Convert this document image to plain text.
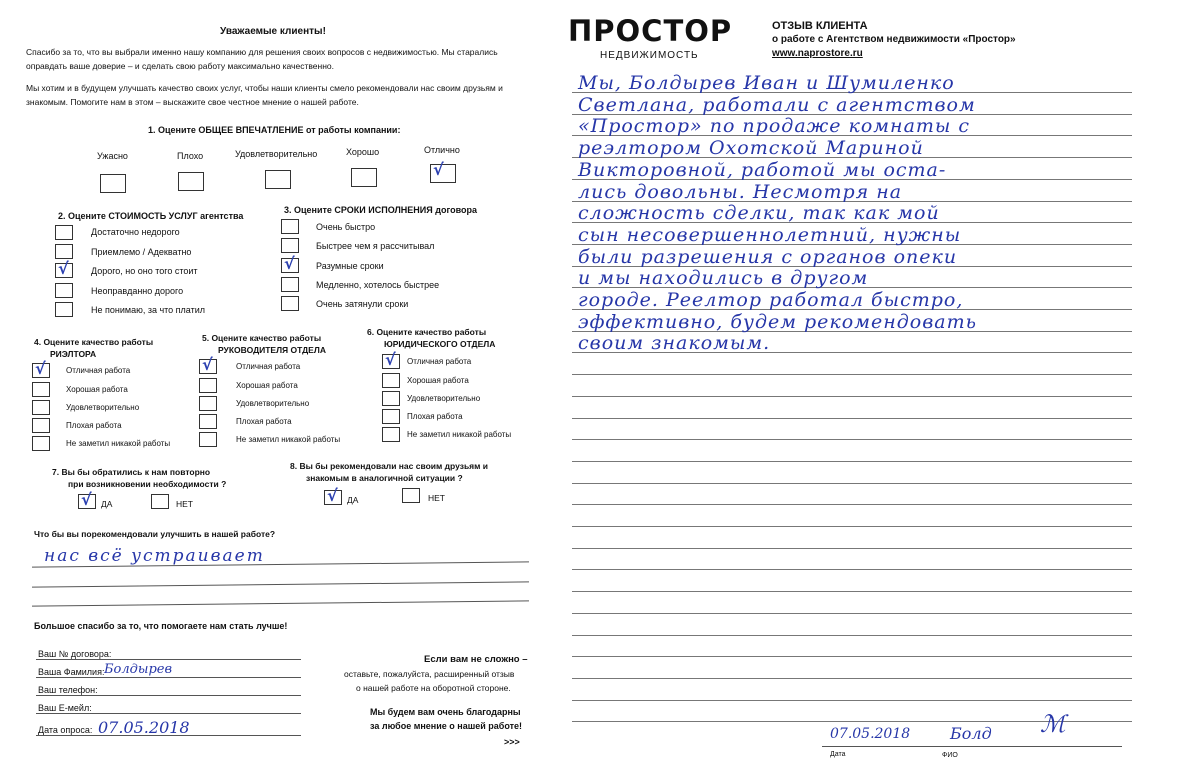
Уважаемые клиенты!
Спасибо за то, что вы выбрали именно нашу компанию для решения своих вопросов с недвижимостью. Мы старались
оправдать ваше доверие – и сделать свою работу максимально качественно.
Мы хотим и в будущем улучшать качество своих услуг, чтобы наши клиенты смело рекомендовали нас своим друзьям и
знакомым. Помогите нам в этом – выскажите свое честное мнение о нашей работе.
1. Оцените ОБЩЕЕ ВПЕЧАТЛЕНИЕ от работы компании:
Ужасно	Плохо	Удовлетворительно	Хорошо	Отлично
√
2. Оцените СТОИМОСТЬ УСЛУГ агентства
Достаточно недорого
Приемлемо / Адекватно
√ Дорого, но оно того стоит
Неоправданно дорого
Не понимаю, за что платил
3. Оцените СРОКИ ИСПОЛНЕНИЯ договора
Очень быстро
Быстрее чем я рассчитывал
√ Разумные сроки
Медленно, хотелось быстрее
Очень затянули сроки
4. Оцените качество работы
РИЭЛТОРА
√	Отличная работа
Хорошая работа
Удовлетворительно
Плохая работа
Не заметил никакой работы
5. Оцените качество работы
РУКОВОДИТЕЛЯ ОТДЕЛА
√	Отличная работа
Хорошая работа
Удовлетворительно
Плохая работа
Не заметил никакой работы
6. Оцените качество работы
ЮРИДИЧЕСКОГО ОТДЕЛА
√ Отличная работа
Хорошая работа
Удовлетворительно
Плохая работа
Не заметил никакой работы
7. Вы бы обратились к нам повторно
при возникновении необходимости ?
√ ДА	НЕТ
8. Вы бы рекомендовали нас своим друзьям и
знакомым в аналогичной ситуации ?
√ ДА	НЕТ
Что бы вы порекомендовали улучшить в нашей работе?
нас всё устраивает
Большое спасибо за то, что помогаете нам стать лучше!
Ваш № договора:
Ваша Фамилия: Болдырев
Ваш телефон:
Ваш Е-мейл:
Дата опроса: 07.05.2018
Если вам не сложно –
оставьте, пожалуйста, расширенный отзыв
о нашей работе на оборотной стороне.
Мы будем вам очень благодарны
за любое мнение о нашей работе!
>>>
ПРОСТОР
НЕДВИЖИМОСТЬ
ОТЗЫВ КЛИЕНТА
о работе с Агентством недвижимости «Простор»
www.naprostore.ru
Мы, Болдырев Иван и Шумиленко
Светлана, работали с агентством
«Простор» по продаже комнаты с
реэлтором Охотской Мариной
Викторовной, работой мы оста-
лись довольны. Несмотря на
сложность сделки, так как мой
сын несовершеннолетний, нужны
были разрешения с органов опеки
и мы находились в другом
городе. Реелтор работал быстро,
эффективно, будем рекомендовать
своим знакомым.
07.05.2018
Дата
Болд ℳ
ФИО
